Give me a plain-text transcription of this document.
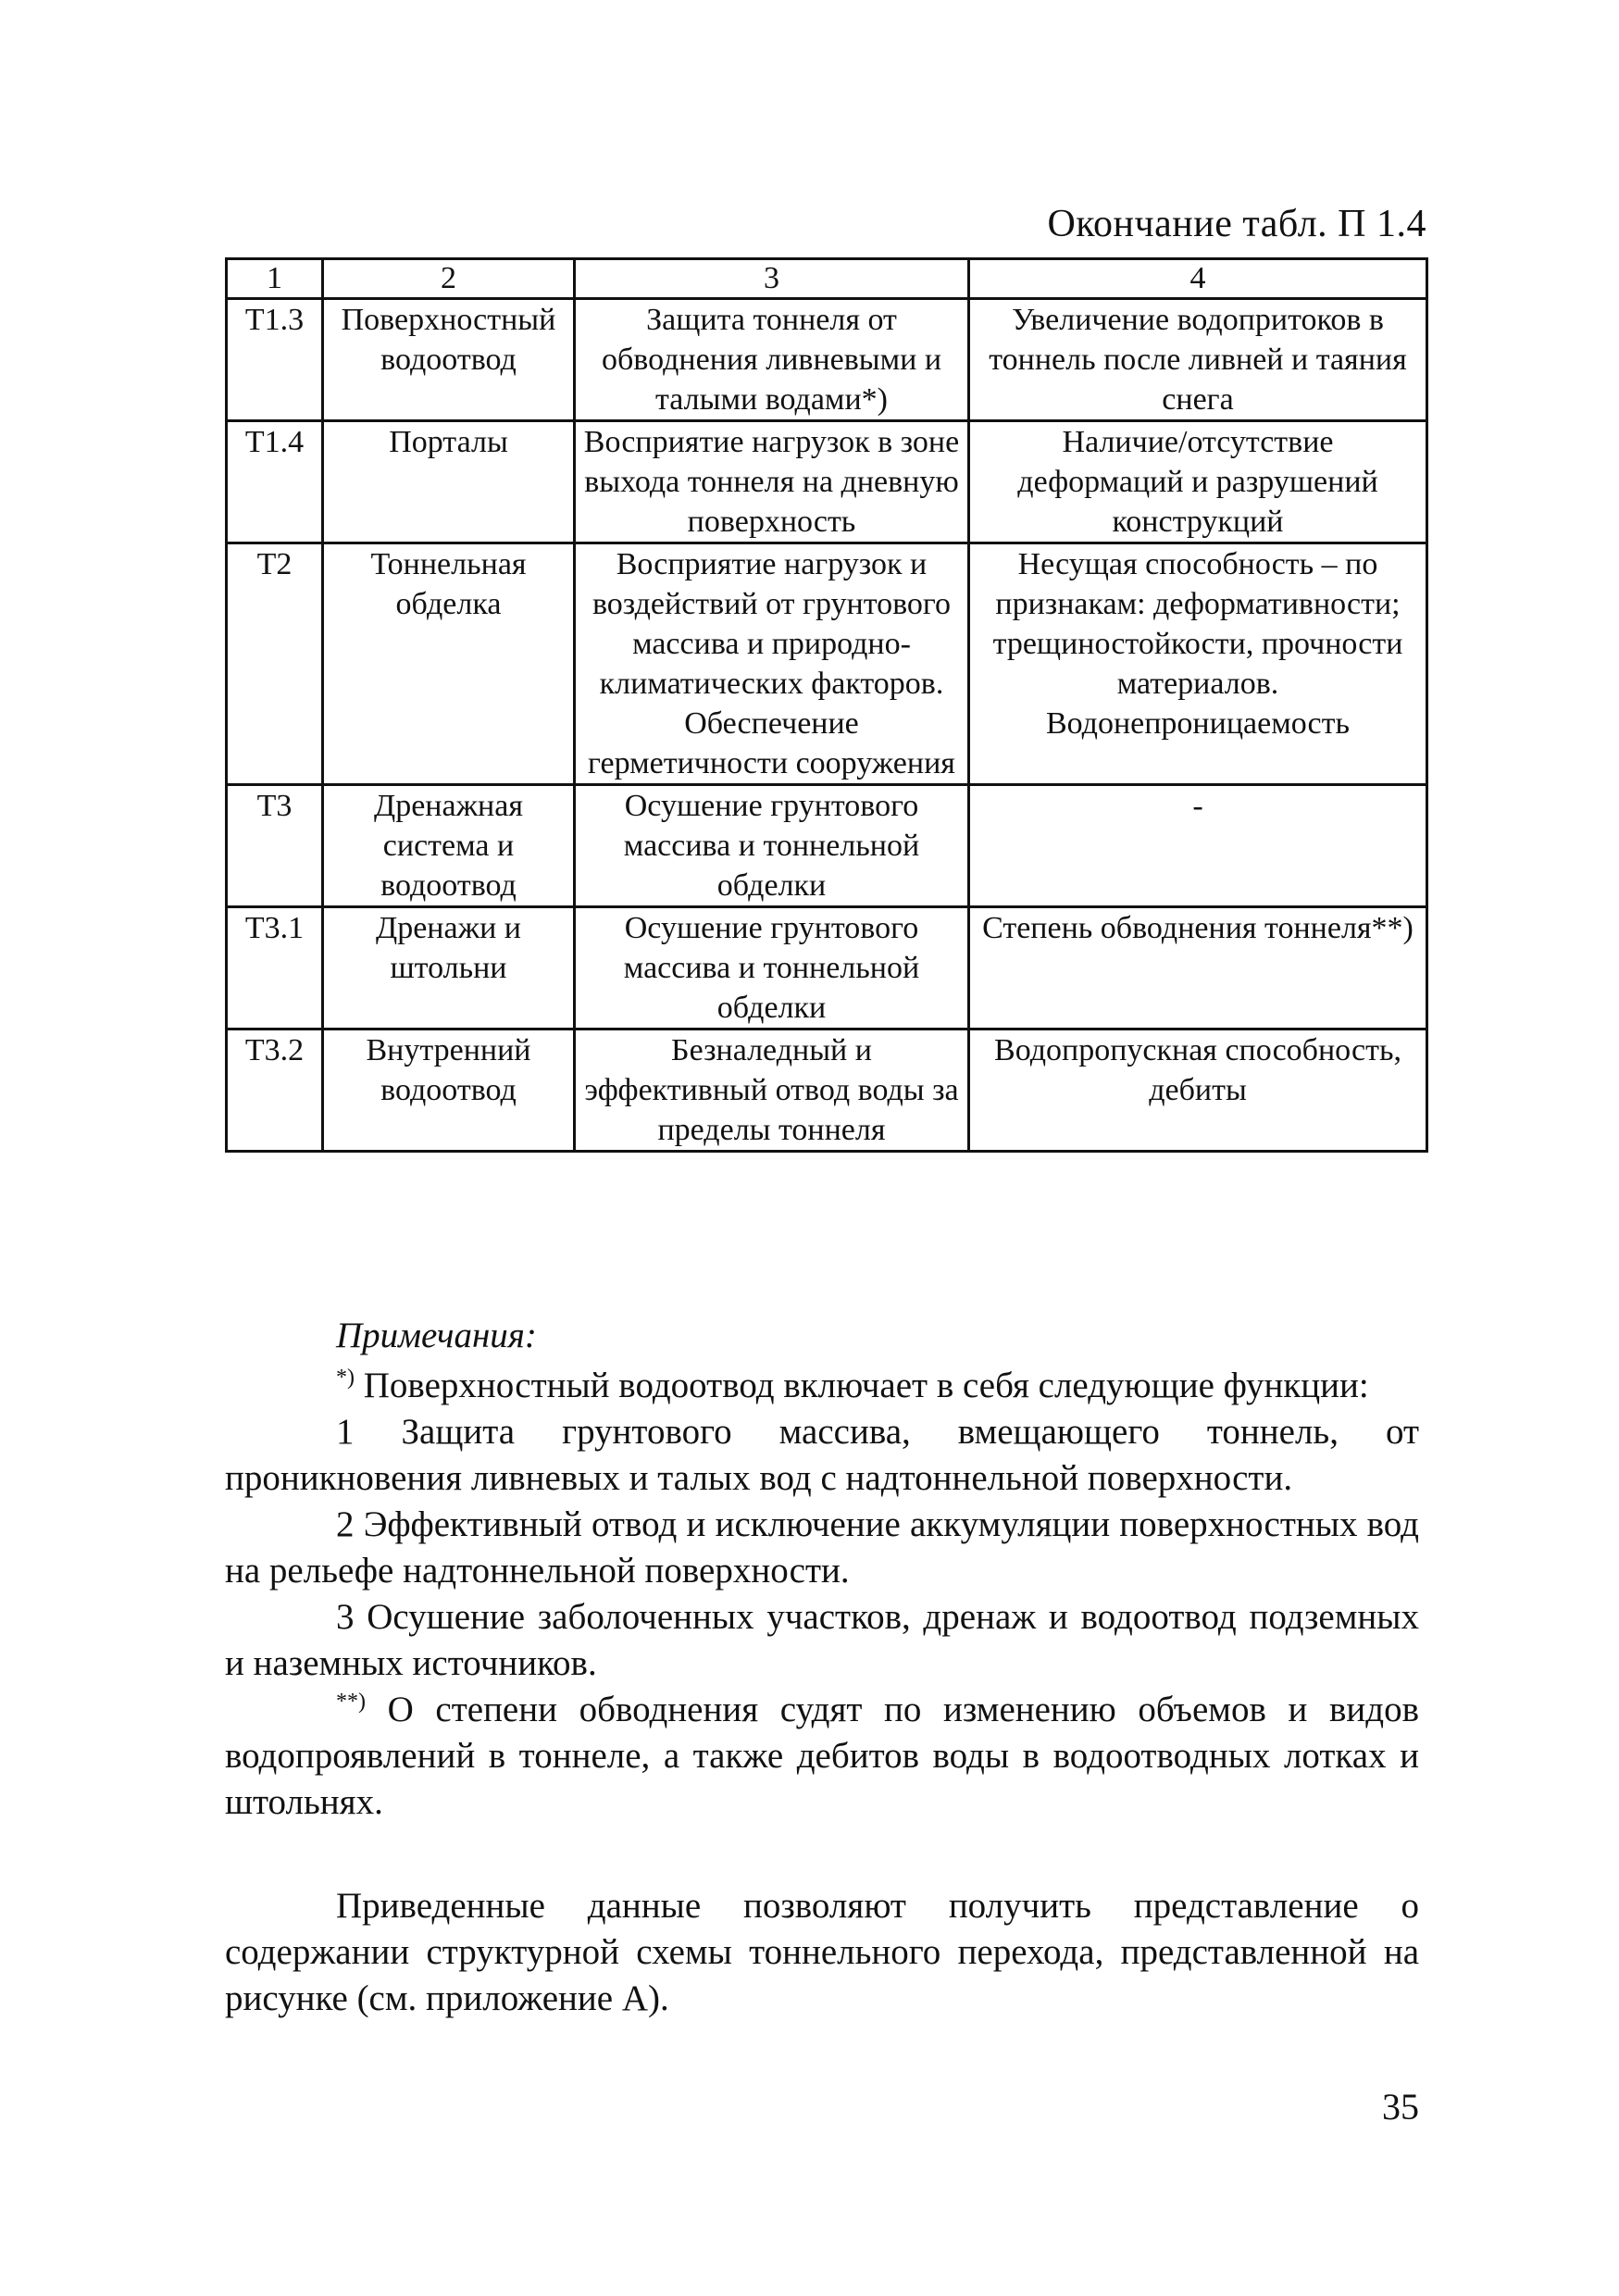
Окончание табл. П 1.4
1	2	3	4
Т1.3	Поверхностный водоотвод	Защита тоннеля от обводнения ливневыми и талыми водами*)	Увеличение водопритоков в тоннель после ливней и таяния снега
Т1.4	Порталы	Восприятие нагрузок в зоне выхода тоннеля на дневную поверхность	Наличие/отсутствие деформаций и разрушений конструкций
Т2	Тоннельная обделка	Восприятие нагрузок и воздействий от грунтового массива и природно-климатических факторов. Обеспечение герметичности сооружения	Несущая способность – по признакам: деформативности; трещиностойкости, прочности материалов. Водонепроницаемость
Т3	Дренажная система и водоотвод	Осушение грунтового массива и тоннельной обделки	-
Т3.1	Дренажи и штольни	Осушение грунтового массива и тоннельной обделки	Степень обводнения тоннеля**)
Т3.2	Внутренний водоотвод	Безналедный и эффективный отвод воды за пределы тоннеля	Водопропускная способность, дебиты

Примечания:

*) Поверхностный водоотвод включает в себя следующие функции:

1 Защита грунтового массива, вмещающего тоннель, от проникновения ливневых и талых вод с надтоннельной поверхности.

2 Эффективный отвод и исключение аккумуляции поверхностных вод на рельефе надтоннельной поверхности.

3 Осушение заболоченных участков, дренаж и водоотвод подземных и наземных источников.

**) О степени обводнения судят по изменению объемов и видов водопроявлений в тоннеле, а также дебитов воды в водоотводных лотках и штольнях.

Приведенные данные позволяют получить представление о содержании структурной схемы тоннельного перехода, представленной на рисунке (см. приложение А).

35
